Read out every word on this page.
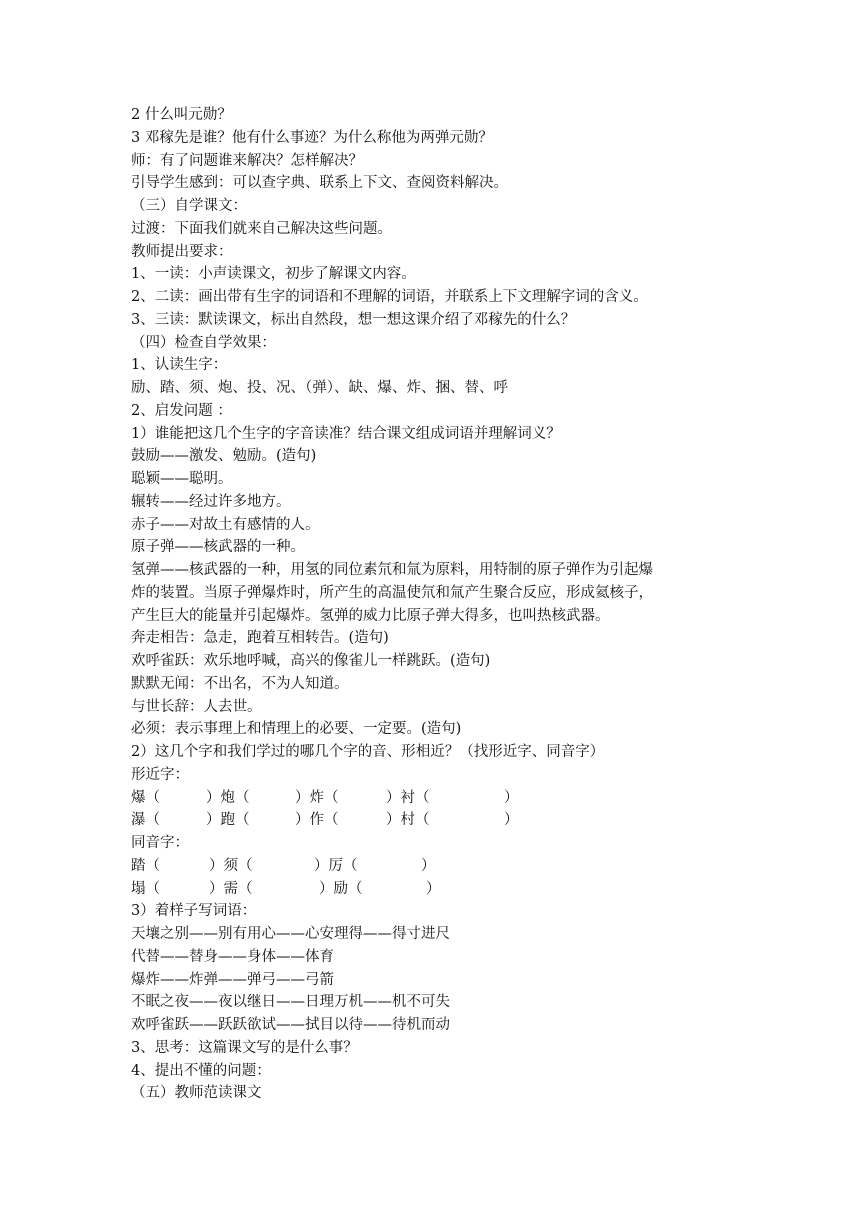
2 什么叫元勋？
3 邓稼先是谁？他有什么事迹？为什么称他为两弹元勋？
师：有了问题谁来解决？怎样解决？
引导学生感到：可以查字典、联系上下文、查阅资料解决。
（三）自学课文：
过渡：下面我们就来自己解决这些问题。
教师提出要求：
1、一读：小声读课文，初步了解课文内容。
2、二读：画出带有生字的词语和不理解的词语，并联系上下文理解字词的含义。
3、三读：默读课文，标出自然段，想一想这课介绍了邓稼先的什么？
（四）检查自学效果：
1、认读生字：
励、踏、须、炮、投、况、（弹）、缺、爆、炸、捆、替、呼
2、启发问题 ：
1）谁能把这几个生字的字音读准？结合课文组成词语并理解词义？
鼓励——激发、勉励。(造句)
聪颖——聪明。
辗转——经过许多地方。
赤子——对故土有感情的人。
原子弹——核武器的一种。
氢弹——核武器的一种，用氢的同位素氘和氚为原料，用特制的原子弹作为引起爆
炸的装置。当原子弹爆炸时，所产生的高温使氘和氚产生聚合反应，形成氦核子，
产生巨大的能量并引起爆炸。氢弹的威力比原子弹大得多，也叫热核武器。
奔走相告：急走，跑着互相转告。(造句)
欢呼雀跃：欢乐地呼喊，高兴的像雀儿一样跳跃。(造句)
默默无闻：不出名，不为人知道。
与世长辞：人去世。
必须：表示事理上和情理上的必要、一定要。(造句)
2）这几个字和我们学过的哪几个字的音、形相近？（找形近字、同音字）
形近字：
爆（	）炮（	）炸（	）衬（	）
瀑（	）跑（	）作（	）村（	）
同音字：
踏（	）须（	）厉（	）
塌（	）需（	）励（	）
3）着样子写词语：
天壤之别——别有用心——心安理得——得寸进尺
代替——替身——身体——体育
爆炸——炸弹——弹弓——弓箭
不眠之夜——夜以继日——日理万机——机不可失
欢呼雀跃——跃跃欲试——拭目以待——待机而动
3、思考：这篇课文写的是什么事？
4、提出不懂的问题：
（五）教师范读课文
